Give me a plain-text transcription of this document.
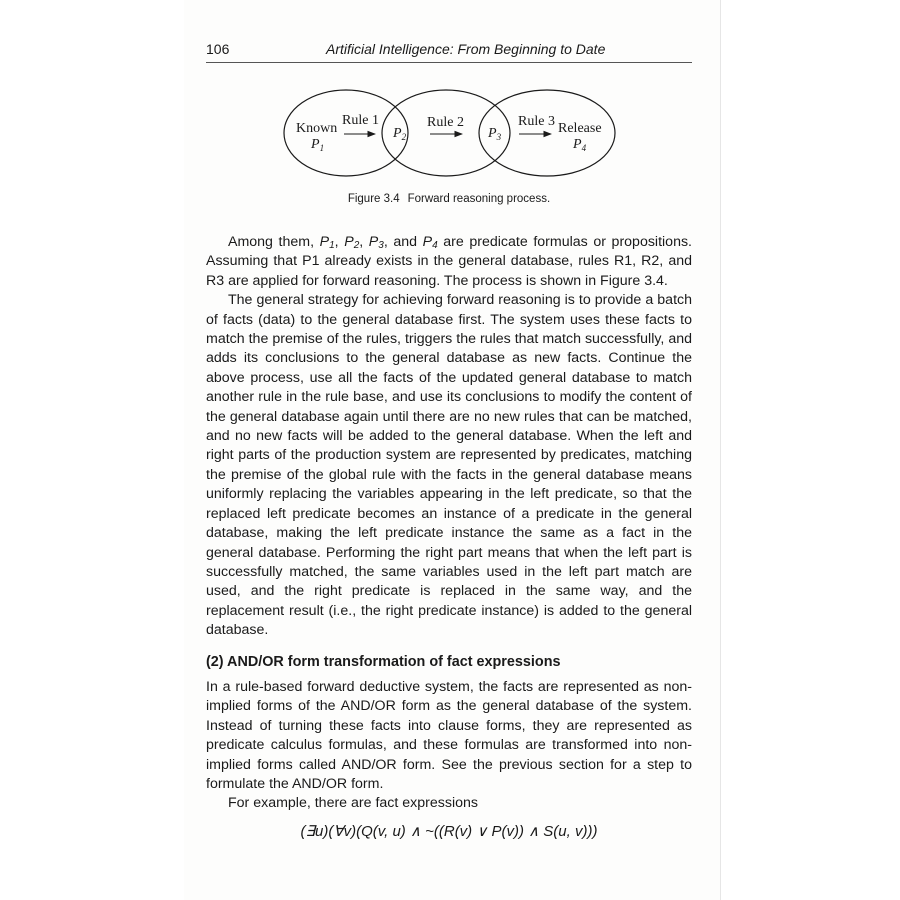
106	Artificial Intelligence: From Beginning to Date
Known
$P_1$
Rule 1
$P_2$
Rule 2
$P_3$
Rule 3 Release
$P_4$
Figure 3.4 Forward reasoning process.

Among them, $P_1$, $P_2$, $P_3$, and $P_4$ are predicate formulas or propositions. Assuming that P1 already exists in the general database, rules R1, R2, and R3 are applied for forward reasoning. The process is shown in Figure 3.4.

The general strategy for achieving forward reasoning is to provide a batch of facts (data) to the general database first. The system uses these facts to match the premise of the rules, triggers the rules that match successfully, and adds its conclusions to the general database as new facts. Continue the above process, use all the facts of the updated general database to match another rule in the rule base, and use its conclusions to modify the content of the general database again until there are no new rules that can be matched, and no new facts will be added to the general database. When the left and right parts of the production system are represented by predicates, matching the premise of the global rule with the facts in the general database means uniformly replacing the variables appearing in the left predicate, so that the replaced left predicate becomes an instance of a predicate in the general database, making the left predicate instance the same as a fact in the general database. Performing the right part means that when the left part is successfully matched, the same variables used in the left part match are used, and the right predicate is replaced in the same way, and the replacement result (i.e., the right predicate instance) is added to the general database.

(2) AND/OR form transformation of fact expressions

In a rule-based forward deductive system, the facts are represented as non-implied forms of the AND/OR form as the general database of the system. Instead of turning these facts into clause forms, they are represented as predicate calculus formulas, and these formulas are transformed into non-implied forms called AND/OR form. See the previous section for a step to formulate the AND/OR form.

For example, there are fact expressions

(∃u)(∀v)(Q(v, u) ∧ ~((R(v) ∨ P(v)) ∧ S(u, v)))
